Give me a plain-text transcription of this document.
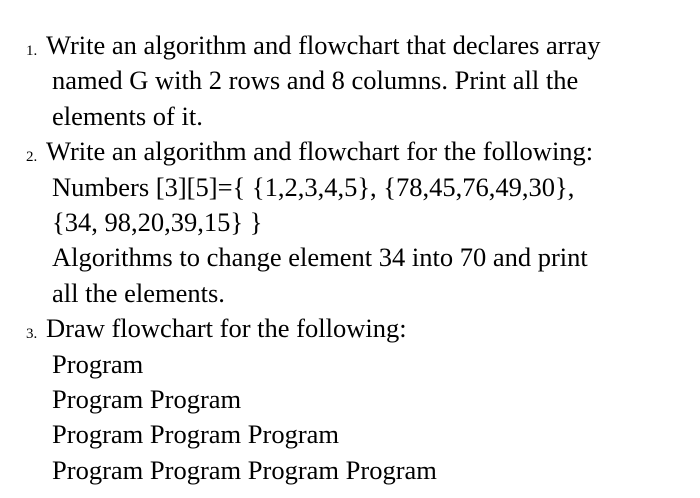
1. Write an algorithm and flowchart that declares array
named G with 2 rows and 8 columns. Print all the
elements of it.
2. Write an algorithm and flowchart for the following:
Numbers [3][5]={ {1,2,3,4,5}, {78,45,76,49,30},
{34, 98,20,39,15} }
Algorithms to change element 34 into 70 and print
all the elements.
3. Draw flowchart for the following:
Program
Program Program
Program Program Program
Program Program Program Program
